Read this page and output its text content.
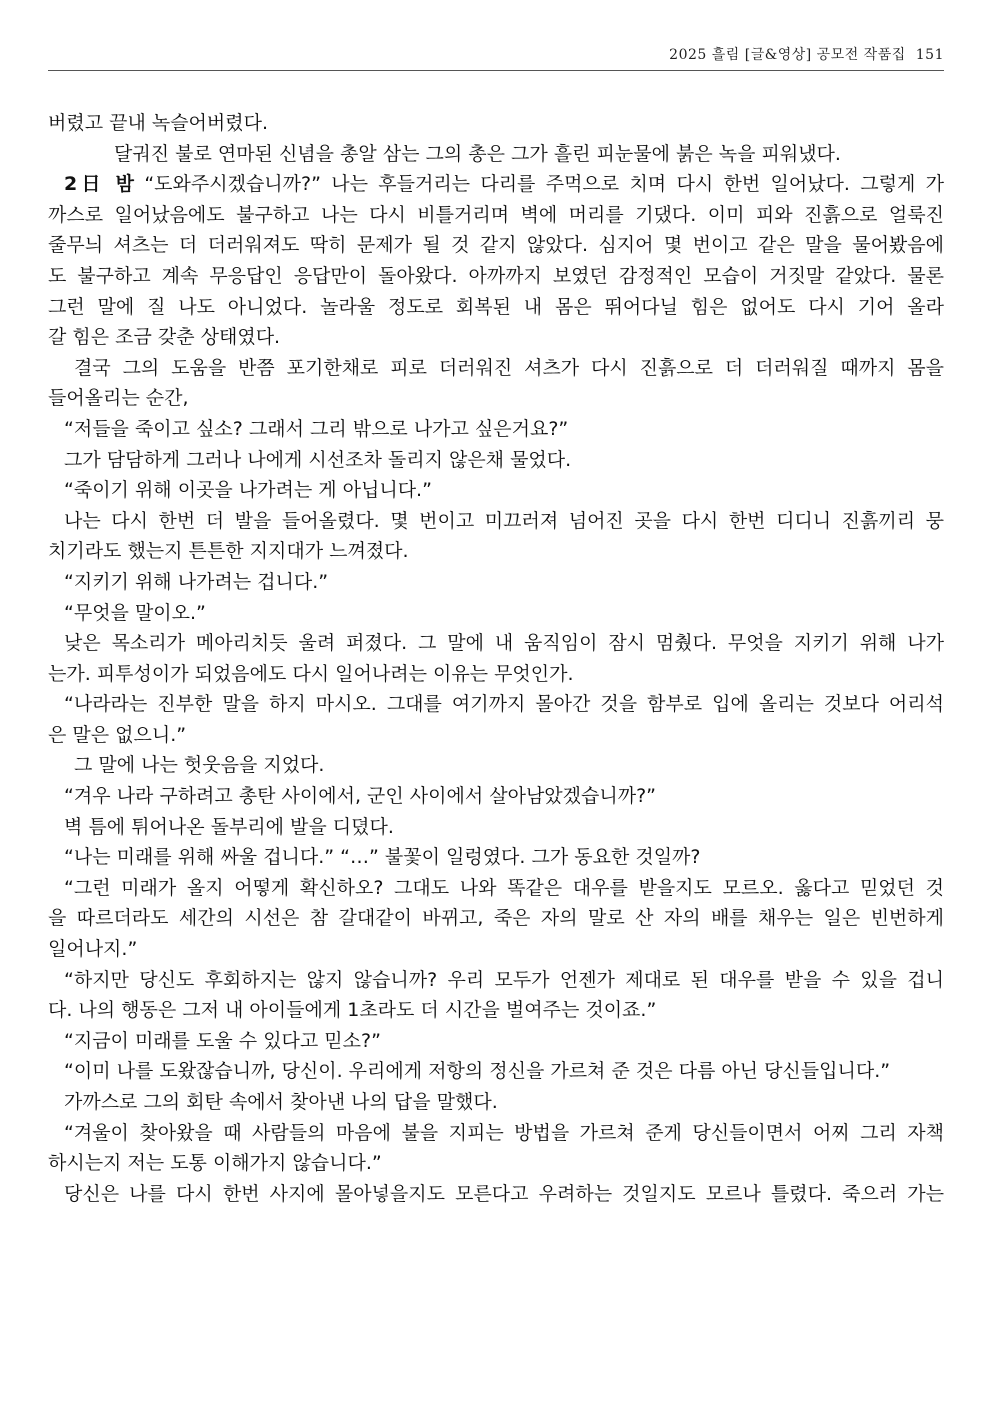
2025 흘림 [글&영상] 공모전 작품집 151

버렸고 끝내 녹슬어버렸다.

달궈진 불로 연마된 신념을 총알 삼는 그의 총은 그가 흘린 피눈물에 붉은 녹을 피워냈다.

2日 밤 “도와주시겠습니까?” 나는 후들거리는 다리를 주먹으로 치며 다시 한번 일어났다. 그렇게 가

까스로 일어났음에도 불구하고 나는 다시 비틀거리며 벽에 머리를 기댔다. 이미 피와 진흙으로 얼룩진

줄무늬 셔츠는 더 더러워져도 딱히 문제가 될 것 같지 않았다. 심지어 몇 번이고 같은 말을 물어봤음에

도 불구하고 계속 무응답인 응답만이 돌아왔다. 아까까지 보였던 감정적인 모습이 거짓말 같았다. 물론

그런 말에 질 나도 아니었다. 놀라울 정도로 회복된 내 몸은 뛰어다닐 힘은 없어도 다시 기어 올라

갈 힘은 조금 갖춘 상태였다.

결국 그의 도움을 반쯤 포기한채로 피로 더러워진 셔츠가 다시 진흙으로 더 더러워질 때까지 몸을

들어올리는 순간,

“저들을 죽이고 싶소? 그래서 그리 밖으로 나가고 싶은거요?”

그가 담담하게 그러나 나에게 시선조차 돌리지 않은채 물었다.

“죽이기 위해 이곳을 나가려는 게 아닙니다.”

나는 다시 한번 더 발을 들어올렸다. 몇 번이고 미끄러져 넘어진 곳을 다시 한번 디디니 진흙끼리 뭉

치기라도 했는지 튼튼한 지지대가 느껴졌다.

“지키기 위해 나가려는 겁니다.”

“무엇을 말이오.”

낮은 목소리가 메아리치듯 울려 퍼졌다. 그 말에 내 움직임이 잠시 멈췄다. 무엇을 지키기 위해 나가

는가. 피투성이가 되었음에도 다시 일어나려는 이유는 무엇인가.

“나라라는 진부한 말을 하지 마시오. 그대를 여기까지 몰아간 것을 함부로 입에 올리는 것보다 어리석

은 말은 없으니.”

그 말에 나는 헛웃음을 지었다.

“겨우 나라 구하려고 총탄 사이에서, 군인 사이에서 살아남았겠습니까?”

벽 틈에 튀어나온 돌부리에 발을 디뎠다.

“나는 미래를 위해 싸울 겁니다.” “…” 불꽃이 일렁였다. 그가 동요한 것일까?

“그런 미래가 올지 어떻게 확신하오? 그대도 나와 똑같은 대우를 받을지도 모르오. 옳다고 믿었던 것

을 따르더라도 세간의 시선은 참 갈대같이 바뀌고, 죽은 자의 말로 산 자의 배를 채우는 일은 빈번하게

일어나지.”

“하지만 당신도 후회하지는 않지 않습니까? 우리 모두가 언젠가 제대로 된 대우를 받을 수 있을 겁니

다. 나의 행동은 그저 내 아이들에게 1초라도 더 시간을 벌여주는 것이죠.”

“지금이 미래를 도울 수 있다고 믿소?”

“이미 나를 도왔잖습니까, 당신이. 우리에게 저항의 정신을 가르쳐 준 것은 다름 아닌 당신들입니다.”

가까스로 그의 회탄 속에서 찾아낸 나의 답을 말했다.

“겨울이 찾아왔을 때 사람들의 마음에 불을 지피는 방법을 가르쳐 준게 당신들이면서 어찌 그리 자책

하시는지 저는 도통 이해가지 않습니다.”

당신은 나를 다시 한번 사지에 몰아넣을지도 모른다고 우려하는 것일지도 모르나 틀렸다. 죽으러 가는
